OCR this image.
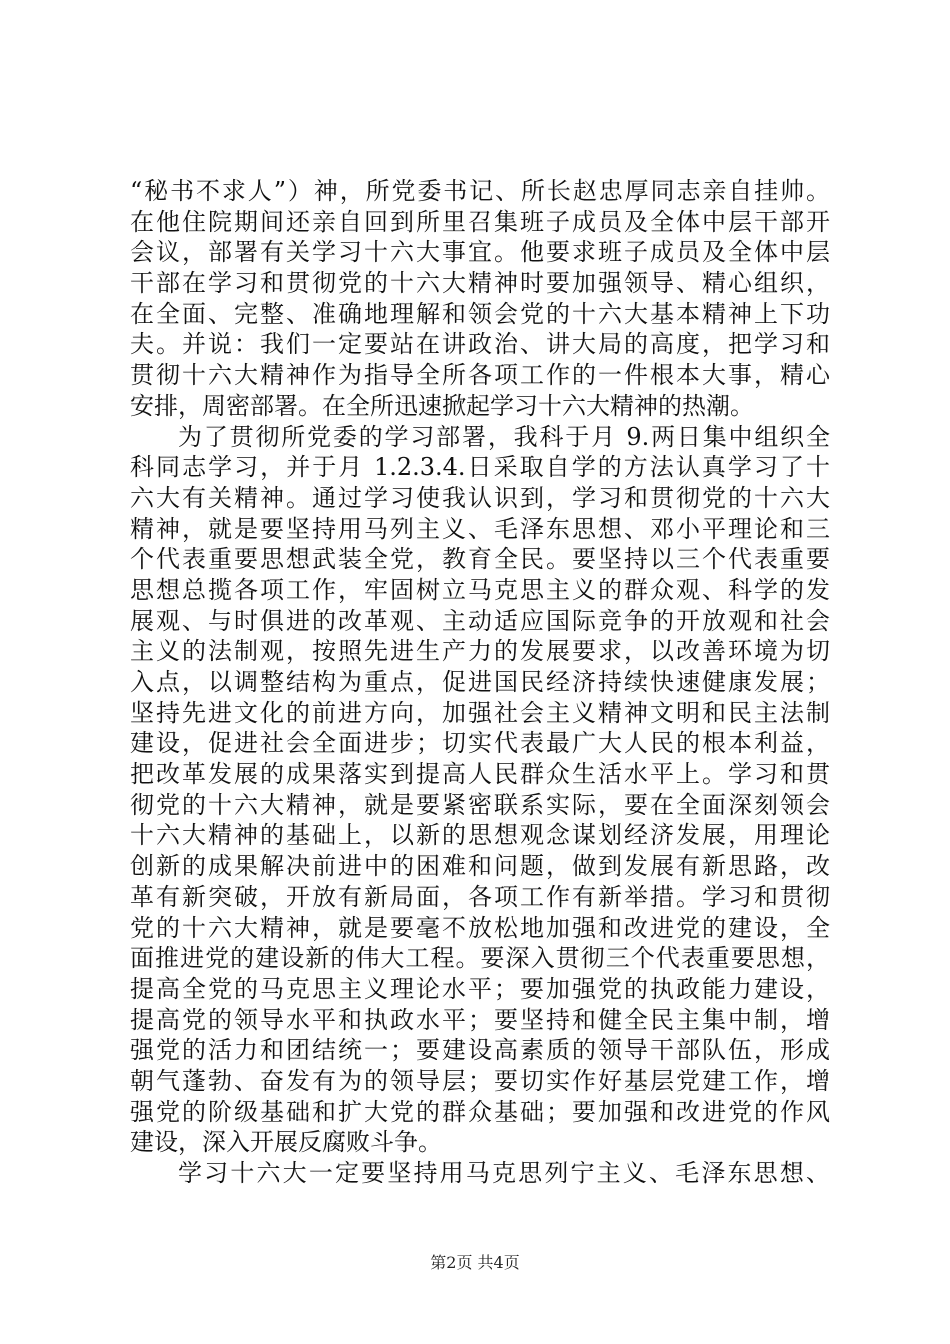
“秘书不求人”）神，所党委书记、所长赵忠厚同志亲自挂帅。
在他住院期间还亲自回到所里召集班子成员及全体中层干部开
会议，部署有关学习十六大事宜。他要求班子成员及全体中层
干部在学习和贯彻党的十六大精神时要加强领导、精心组织，
在全面、完整、准确地理解和领会党的十六大基本精神上下功
夫。并说：我们一定要站在讲政治、讲大局的高度，把学习和
贯彻十六大精神作为指导全所各项工作的一件根本大事，精心
安排，周密部署。在全所迅速掀起学习十六大精神的热潮。
为了贯彻所党委的学习部署，我科于月 9.两日集中组织全
科同志学习，并于月 1.2.3.4.日采取自学的方法认真学习了十
六大有关精神。通过学习使我认识到，学习和贯彻党的十六大
精神，就是要坚持用马列主义、毛泽东思想、邓小平理论和三
个代表重要思想武装全党，教育全民。要坚持以三个代表重要
思想总揽各项工作，牢固树立马克思主义的群众观、科学的发
展观、与时俱进的改革观、主动适应国际竞争的开放观和社会
主义的法制观，按照先进生产力的发展要求，以改善环境为切
入点，以调整结构为重点，促进国民经济持续快速健康发展；
坚持先进文化的前进方向，加强社会主义精神文明和民主法制
建设，促进社会全面进步；切实代表最广大人民的根本利益，
把改革发展的成果落实到提高人民群众生活水平上。学习和贯
彻党的十六大精神，就是要紧密联系实际，要在全面深刻领会
十六大精神的基础上，以新的思想观念谋划经济发展，用理论
创新的成果解决前进中的困难和问题，做到发展有新思路，改
革有新突破，开放有新局面，各项工作有新举措。学习和贯彻
党的十六大精神，就是要毫不放松地加强和改进党的建设，全
面推进党的建设新的伟大工程。要深入贯彻三个代表重要思想，
提高全党的马克思主义理论水平；要加强党的执政能力建设，
提高党的领导水平和执政水平；要坚持和健全民主集中制，增
强党的活力和团结统一；要建设高素质的领导干部队伍，形成
朝气蓬勃、奋发有为的领导层；要切实作好基层党建工作，增
强党的阶级基础和扩大党的群众基础；要加强和改进党的作风
建设，深入开展反腐败斗争。
学习十六大一定要坚持用马克思列宁主义、毛泽东思想、
第2页 共4页
